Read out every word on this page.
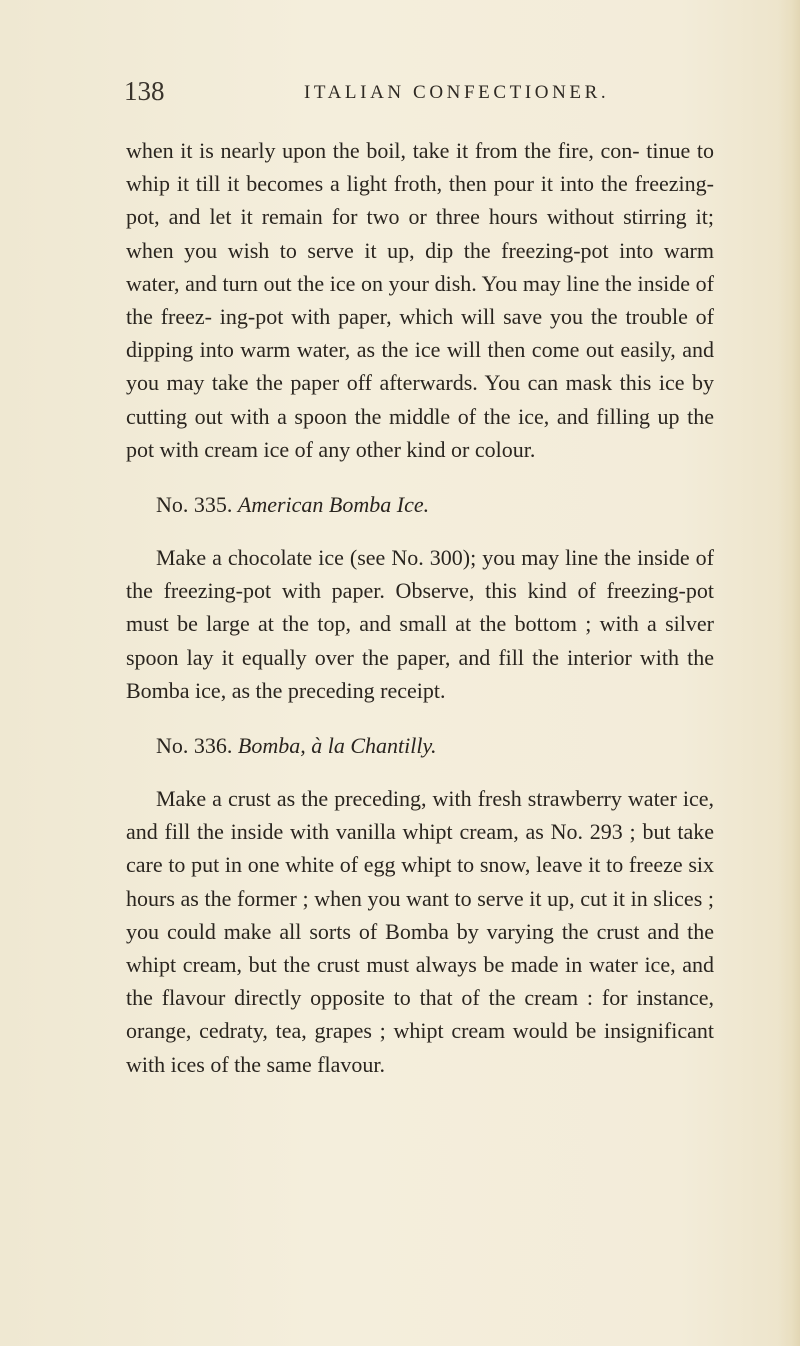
138	ITALIAN CONFECTIONER.

when it is nearly upon the boil, take it from the fire, con- tinue to whip it till it becomes a light froth, then pour it into the freezing-pot, and let it remain for two or three hours without stirring it; when you wish to serve it up, dip the freezing-pot into warm water, and turn out the ice on your dish. You may line the inside of the freez- ing-pot with paper, which will save you the trouble of dipping into warm water, as the ice will then come out easily, and you may take the paper off afterwards. You can mask this ice by cutting out with a spoon the middle of the ice, and filling up the pot with cream ice of any other kind or colour.

No. 335. American Bomba Ice.

Make a chocolate ice (see No. 300); you may line the inside of the freezing-pot with paper. Observe, this kind of freezing-pot must be large at the top, and small at the bottom ; with a silver spoon lay it equally over the paper, and fill the interior with the Bomba ice, as the preceding receipt.

No. 336. Bomba, à la Chantilly.

Make a crust as the preceding, with fresh strawberry water ice, and fill the inside with vanilla whipt cream, as No. 293 ; but take care to put in one white of egg whipt to snow, leave it to freeze six hours as the former ; when you want to serve it up, cut it in slices ; you could make all sorts of Bomba by varying the crust and the whipt cream, but the crust must always be made in water ice, and the flavour directly opposite to that of the cream : for instance, orange, cedraty, tea, grapes ; whipt cream would be insignificant with ices of the same flavour.
